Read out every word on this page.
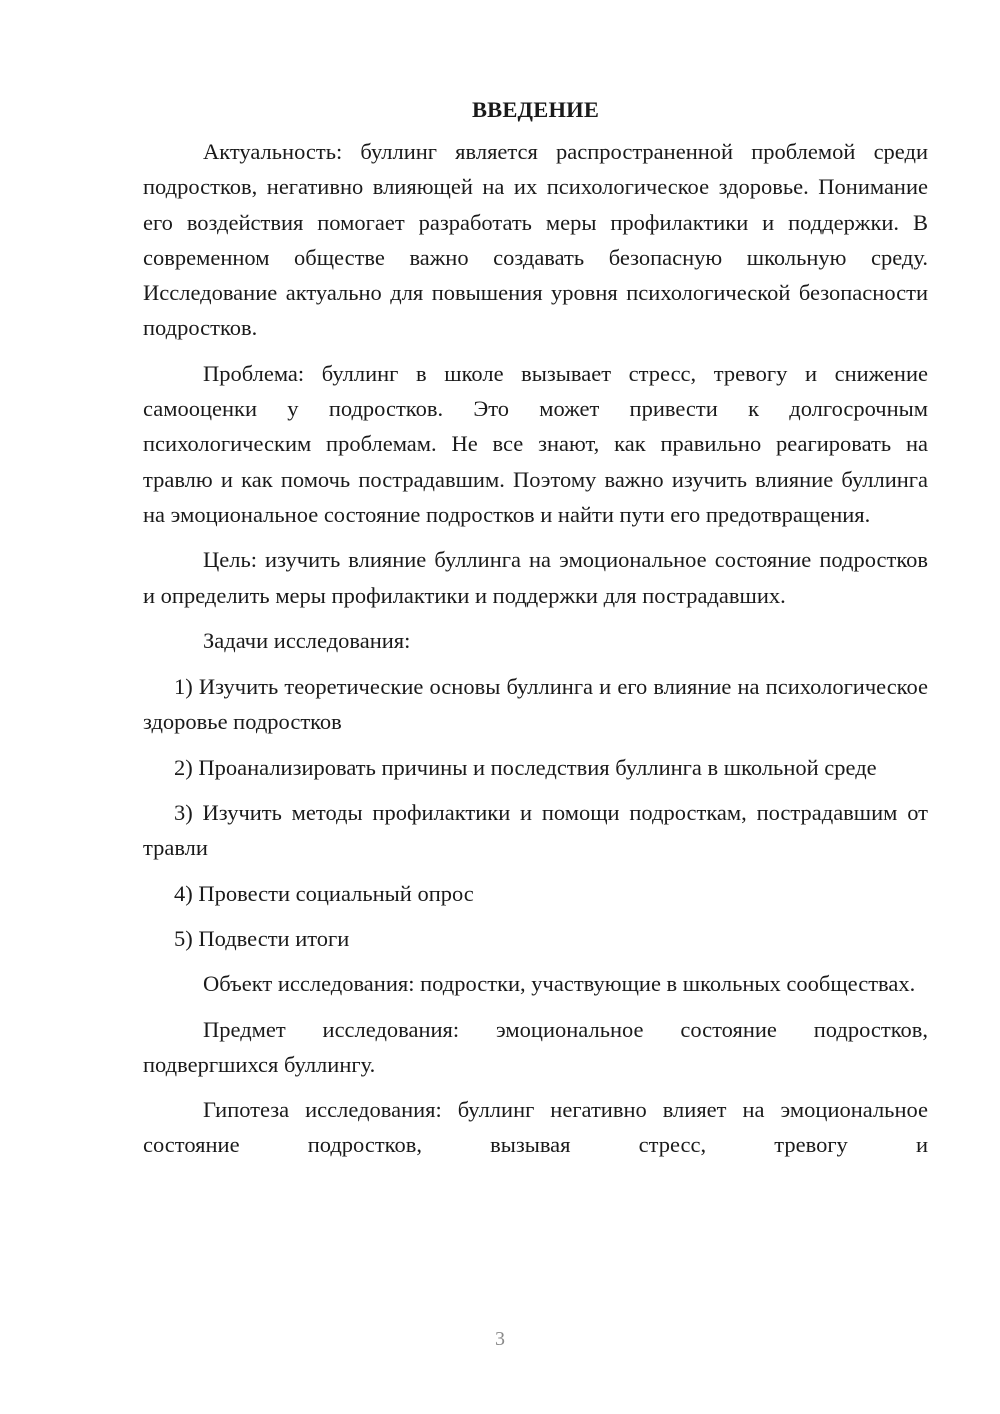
ВВЕДЕНИЕ

Актуальность: буллинг является распространенной проблемой среди подростков, негативно влияющей на их психологическое здоровье. Понимание его воздействия помогает разработать меры профилактики и поддержки. В современном обществе важно создавать безопасную школьную среду. Исследование актуально для повышения уровня психологической безопасности подростков.

Проблема: буллинг в школе вызывает стресс, тревогу и снижение самооценки у подростков. Это может привести к долгосрочным психологическим проблемам. Не все знают, как правильно реагировать на травлю и как помочь пострадавшим. Поэтому важно изучить влияние буллинга на эмоциональное состояние подростков и найти пути его предотвращения.

Цель: изучить влияние буллинга на эмоциональное состояние подростков и определить меры профилактики и поддержки для пострадавших.

Задачи исследования:

1) Изучить теоретические основы буллинга и его влияние на психологическое здоровье подростков

2) Проанализировать причины и последствия буллинга в школьной среде

3) Изучить методы профилактики и помощи подросткам, пострадавшим от травли

4) Провести социальный опрос

5) Подвести итоги

Объект исследования: подростки, участвующие в школьных сообществах.

Предмет исследования: эмоциональное состояние подростков, подвергшихся буллингу.

Гипотеза исследования: буллинг негативно влияет на эмоциональное состояние подростков, вызывая стресс, тревогу и

3
